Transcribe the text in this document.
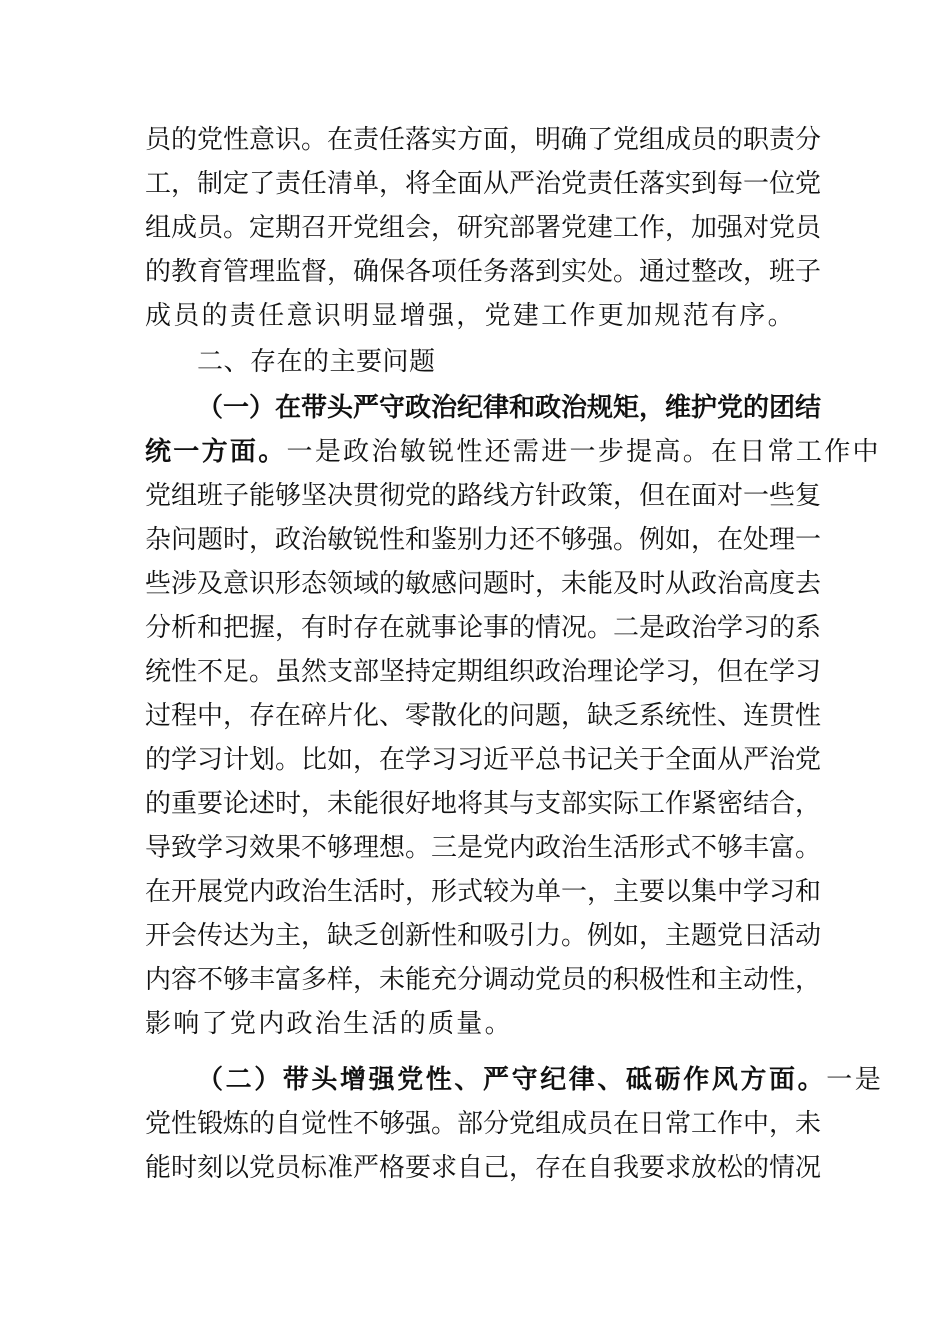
员的党性意识。在责任落实方面，明确了党组成员的职责分
工，制定了责任清单，将全面从严治党责任落实到每一位党
组成员。定期召开党组会，研究部署党建工作，加强对党员
的教育管理监督，确保各项任务落到实处。通过整改，班子
成员的责任意识明显增强，党建工作更加规范有序。
二、存在的主要问题
（一）在带头严守政治纪律和政治规矩，维护党的团结
统一方面。一是政治敏锐性还需进一步提高。在日常工作中
党组班子能够坚决贯彻党的路线方针政策，但在面对一些复
杂问题时，政治敏锐性和鉴别力还不够强。例如，在处理一
些涉及意识形态领域的敏感问题时，未能及时从政治高度去
分析和把握，有时存在就事论事的情况。二是政治学习的系
统性不足。虽然支部坚持定期组织政治理论学习，但在学习
过程中，存在碎片化、零散化的问题，缺乏系统性、连贯性
的学习计划。比如，在学习习近平总书记关于全面从严治党
的重要论述时，未能很好地将其与支部实际工作紧密结合，
导致学习效果不够理想。三是党内政治生活形式不够丰富。
在开展党内政治生活时，形式较为单一，主要以集中学习和
开会传达为主，缺乏创新性和吸引力。例如，主题党日活动
内容不够丰富多样，未能充分调动党员的积极性和主动性，
影响了党内政治生活的质量。
（二）带头增强党性、严守纪律、砥砺作风方面。一是
党性锻炼的自觉性不够强。部分党组成员在日常工作中，未
能时刻以党员标准严格要求自己，存在自我要求放松的情况
